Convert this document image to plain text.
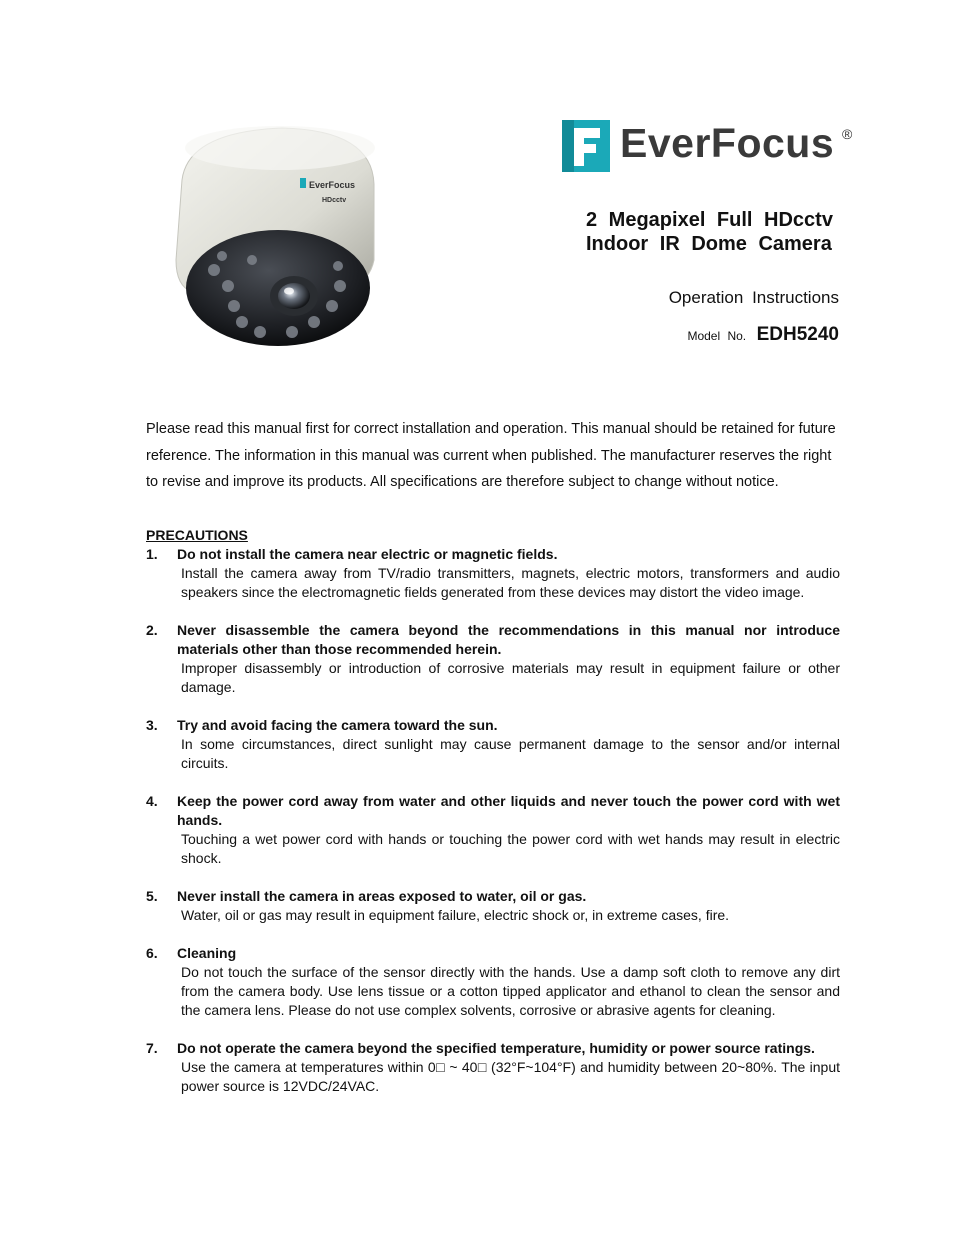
EverFocus
HDcctv
EverFocus ®
2 Megapixel Full HDcctv
Indoor IR Dome Camera
Operation Instructions
Model No. EDH5240
Please read this manual first for correct installation and operation. This manual should be retained for future reference. The information in this manual was current when published. The manufacturer reserves the right to revise and improve its products. All specifications are therefore subject to change without notice.
PRECAUTIONS
1. Do not install the camera near electric or magnetic fields.
Install the camera away from TV/radio transmitters, magnets, electric motors, transformers and audio speakers since the electromagnetic fields generated from these devices may distort the video image.
2. Never disassemble the camera beyond the recommendations in this manual nor introduce materials other than those recommended herein.
Improper disassembly or introduction of corrosive materials may result in equipment failure or other damage.
3. Try and avoid facing the camera toward the sun.
In some circumstances, direct sunlight may cause permanent damage to the sensor and/or internal circuits.
4. Keep the power cord away from water and other liquids and never touch the power cord with wet hands.
Touching a wet power cord with hands or touching the power cord with wet hands may result in electric shock.
5. Never install the camera in areas exposed to water, oil or gas.
Water, oil or gas may result in equipment failure, electric shock or, in extreme cases, fire.
6. Cleaning
Do not touch the surface of the sensor directly with the hands. Use a damp soft cloth to remove any dirt from the camera body. Use lens tissue or a cotton tipped applicator and ethanol to clean the sensor and the camera lens. Please do not use complex solvents, corrosive or abrasive agents for cleaning.
7. Do not operate the camera beyond the specified temperature, humidity or power source ratings.
Use the camera at temperatures within 0□ ~ 40□ (32°F~104°F) and humidity between 20~80%. The input power source is 12VDC/24VAC.
